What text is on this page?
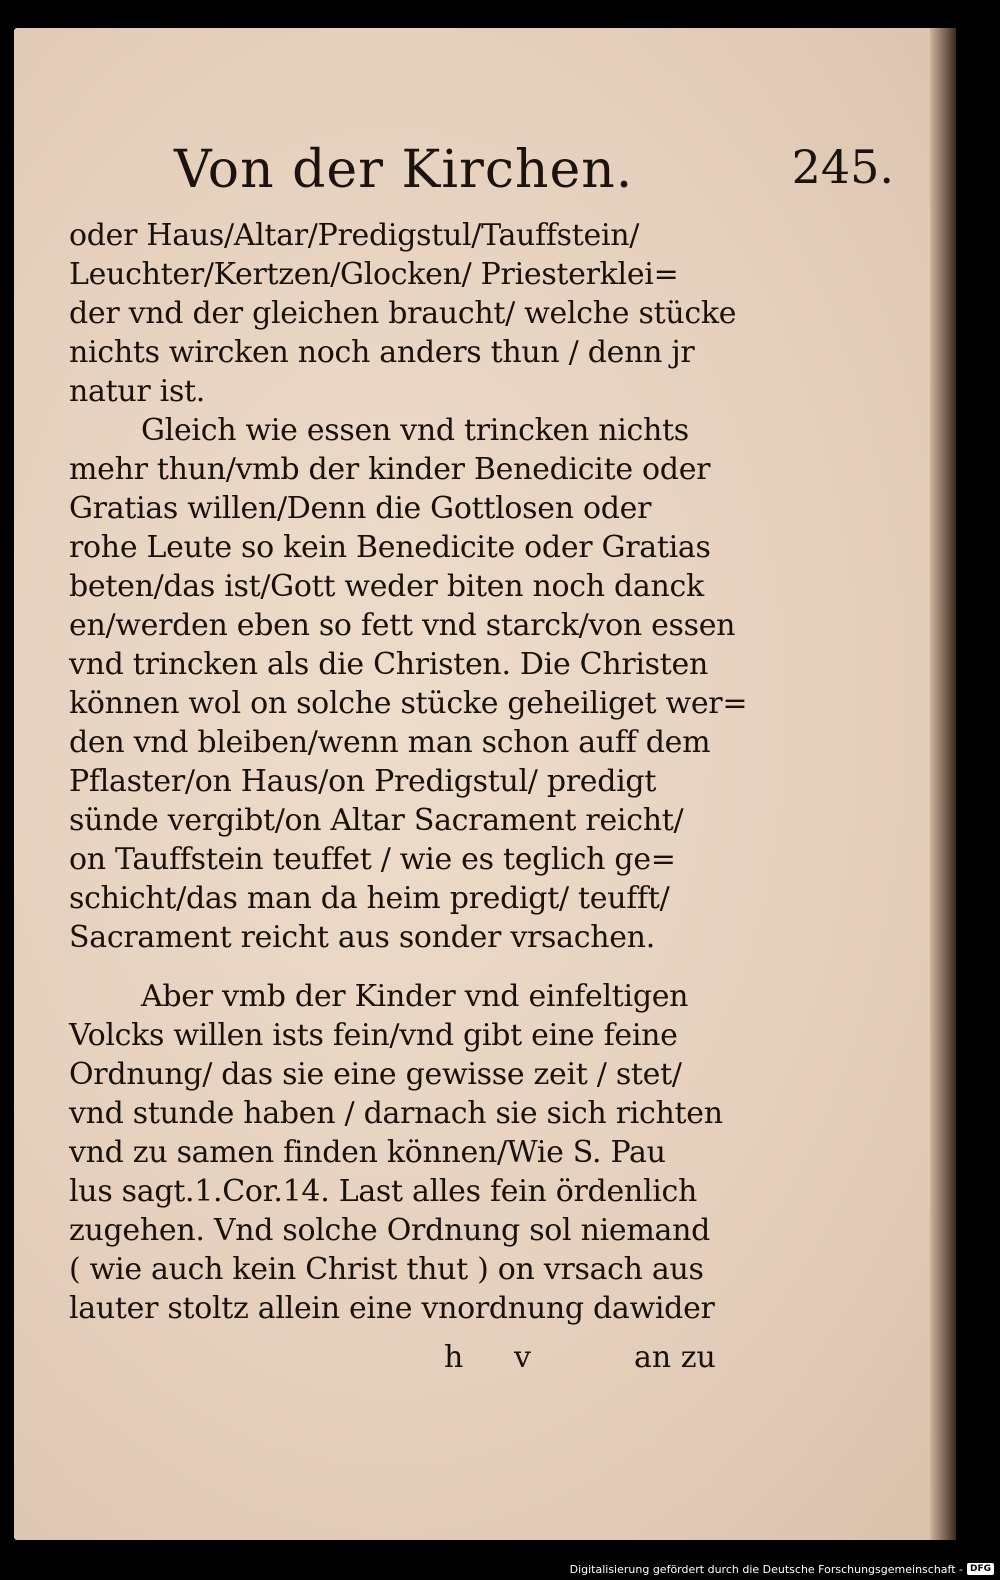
Von der Kirchen.	245.
oder Haus/Altar/Predigstul/Tauffstein/
Leuchter/Kertzen/Glocken/ Priesterklei=
der vnd der gleichen braucht/ welche stücke
nichts wircken noch anders thun / denn jr
natur ist.
Gleich wie essen vnd trincken nichts
mehr thun/vmb der kinder Benedicite oder
Gratias willen/Denn die Gottlosen oder
rohe Leute so kein Benedicite oder Gratias
beten/das ist/Gott weder biten noch danck
en/werden eben so fett vnd starck/von essen
vnd trincken als die Christen. Die Christen
können wol on solche stücke geheiliget wer=
den vnd bleiben/wenn man schon auff dem
Pflaster/on Haus/on Predigstul/ predigt
sünde vergibt/on Altar Sacrament reicht/
on Tauffstein teuffet / wie es teglich ge=
schicht/das man da heim predigt/ teufft/
Sacrament reicht aus sonder vrsachen.
Aber vmb der Kinder vnd einfeltigen
Volcks willen ists fein/vnd gibt eine feine
Ordnung/ das sie eine gewisse zeit / stet/
vnd stunde haben / darnach sie sich richten
vnd zu samen finden können/Wie S. Pau
lus sagt.1.Cor.14. Last alles fein ördenlich
zugehen. Vnd solche Ordnung sol niemand
( wie auch kein Christ thut ) on vrsach aus
lauter stoltz allein eine vnordnung dawider
h v	an zu
Digitalisierung gefördert durch die Deutsche Forschungsgemeinschaft - DFG
